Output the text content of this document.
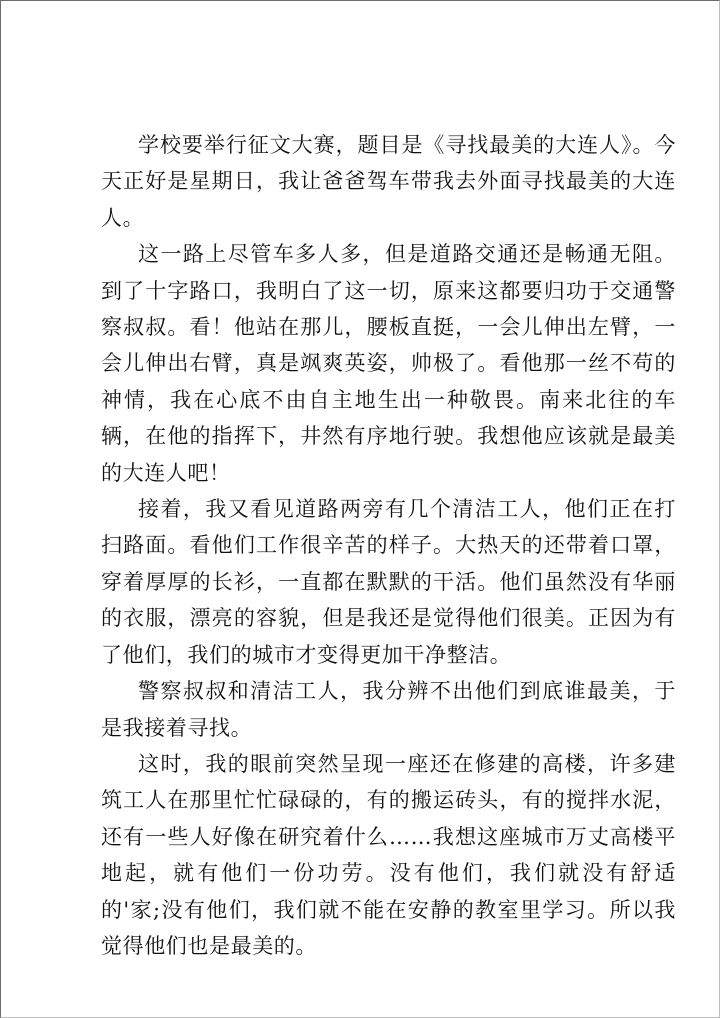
学校要举行征文大赛，题目是《寻找最美的大连人》。今天正好是星期日，我让爸爸驾车带我去外面寻找最美的大连人。

这一路上尽管车多人多，但是道路交通还是畅通无阻。到了十字路口，我明白了这一切，原来这都要归功于交通警察叔叔。看！他站在那儿，腰板直挺，一会儿伸出左臂，一会儿伸出右臂，真是飒爽英姿，帅极了。看他那一丝不苟的神情，我在心底不由自主地生出一种敬畏。南来北往的车辆，在他的指挥下，井然有序地行驶。我想他应该就是最美的大连人吧！

接着，我又看见道路两旁有几个清洁工人，他们正在打扫路面。看他们工作很辛苦的样子。大热天的还带着口罩，穿着厚厚的长衫，一直都在默默的干活。他们虽然没有华丽的衣服，漂亮的容貌，但是我还是觉得他们很美。正因为有了他们，我们的城市才变得更加干净整洁。

警察叔叔和清洁工人，我分辨不出他们到底谁最美，于是我接着寻找。

这时，我的眼前突然呈现一座还在修建的高楼，许多建筑工人在那里忙忙碌碌的，有的搬运砖头，有的搅拌水泥，还有一些人好像在研究着什么……我想这座城市万丈高楼平地起，就有他们一份功劳。没有他们，我们就没有舒适的'家;没有他们，我们就不能在安静的教室里学习。所以我觉得他们也是最美的。
